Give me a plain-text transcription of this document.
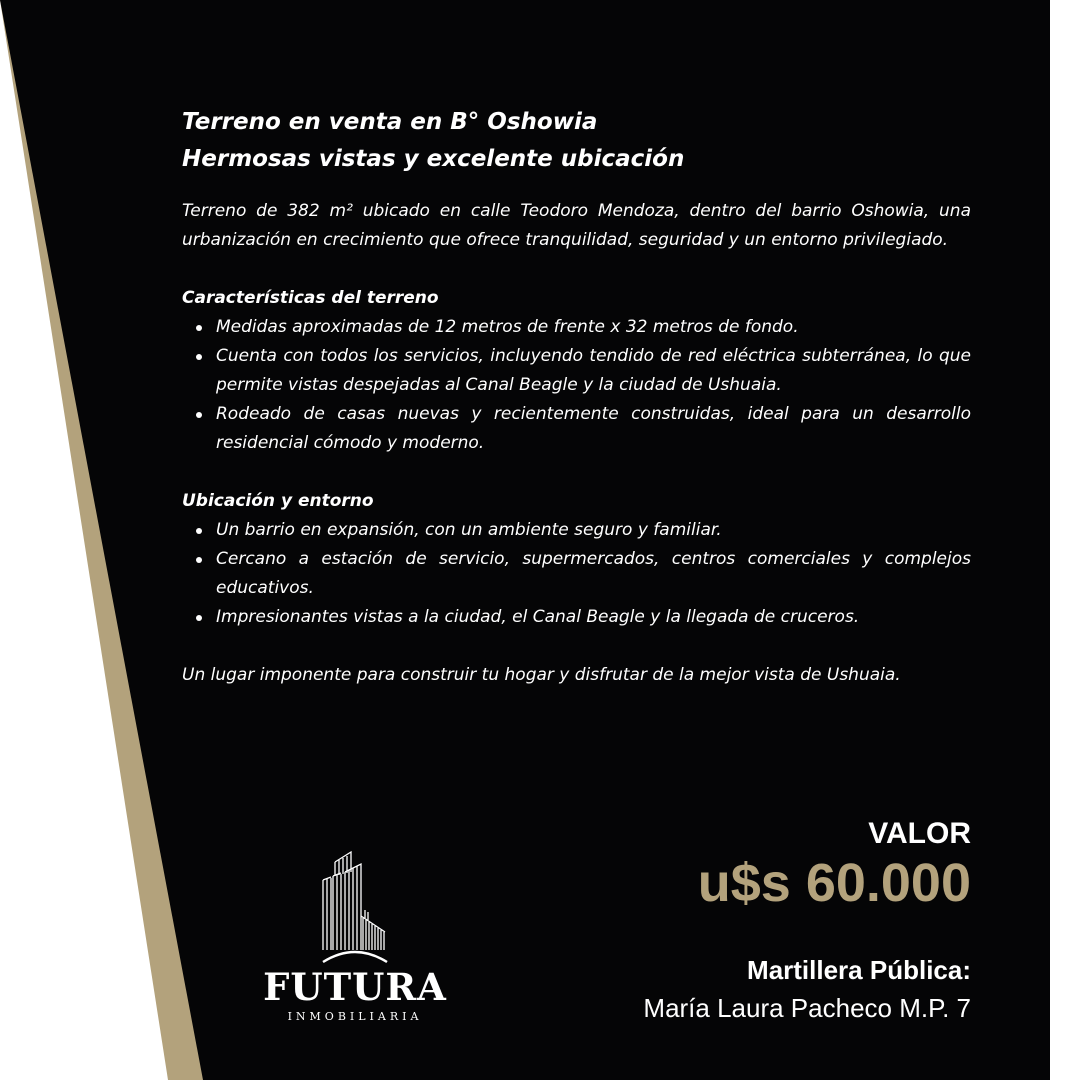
Terreno en venta en B° Oshowia
Hermosas vistas y excelente ubicación

Terreno de 382 m² ubicado en calle Teodoro Mendoza, dentro del barrio Oshowia, una urbanización en crecimiento que ofrece tranquilidad, seguridad y un entorno privilegiado.

Características del terreno
Medidas aproximadas de 12 metros de frente x 32 metros de fondo.
Cuenta con todos los servicios, incluyendo tendido de red eléctrica subterránea, lo que permite vistas despejadas al Canal Beagle y la ciudad de Ushuaia.
Rodeado de casas nuevas y recientemente construidas, ideal para un desarrollo residencial cómodo y moderno.
Ubicación y entorno
Un barrio en expansión, con un ambiente seguro y familiar.
Cercano a estación de servicio, supermercados, centros comerciales y complejos educativos.
Impresionantes vistas a la ciudad, el Canal Beagle y la llegada de cruceros.

Un lugar imponente para construir tu hogar y disfrutar de la mejor vista de Ushuaia.

VALOR
u$s 60.000
Martillera Pública:
María Laura Pacheco M.P. 7
FUTURA
INMOBILIARIA
